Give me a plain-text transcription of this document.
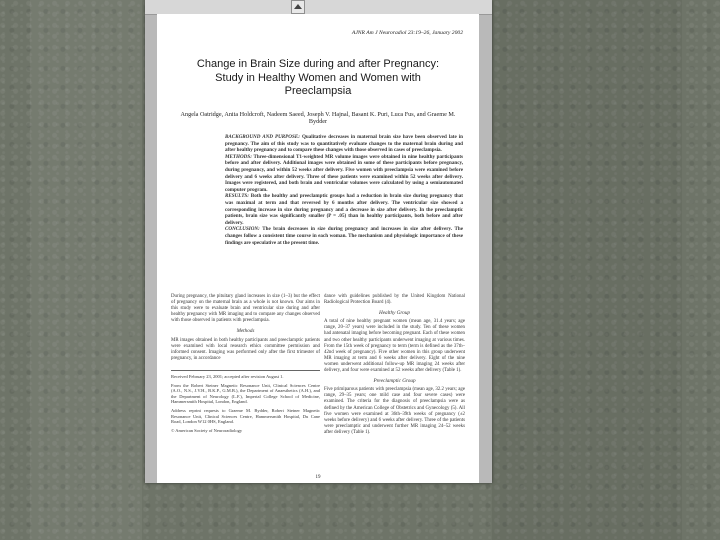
AJNR Am J Neuroradiol 23:19–26, January 2002
Change in Brain Size during and after Pregnancy: Study in Healthy Women and Women with Preeclampsia
Angela Oatridge, Anita Holdcroft, Nadeem Saeed, Joseph V. Hajnal, Basant K. Puri, Luca Fus, and Graeme M. Bydder

BACKGROUND AND PURPOSE: Qualitative decreases in maternal brain size have been observed late in pregnancy. The aim of this study was to quantitatively evaluate changes to the maternal brain during and after healthy pregnancy and to compare these changes with those observed in cases of preeclampsia.

METHODS: Three-dimensional T1-weighted MR volume images were obtained in nine healthy participants before and after delivery. Additional images were obtained in some of these participants before pregnancy, during pregnancy, and within 52 weeks after delivery. Five women with preeclampsia were examined before delivery and 6 weeks after delivery. Three of these patients were examined within 52 weeks after delivery. Images were registered, and both brain and ventricular volumes were calculated by using a semiautomated computer program.

RESULTS: Both the healthy and preeclamptic groups had a reduction in brain size during pregnancy that was maximal at term and that reversed by 6 months after delivery. The ventricular size showed a corresponding increase in size during pregnancy and a decrease in size after delivery. In the preeclamptic patients, brain size was significantly smaller (P = .05) than in healthy participants, both before and after delivery.

CONCLUSION: The brain decreases in size during pregnancy and increases in size after delivery. The changes follow a consistent time course in each woman. The mechanism and physiologic importance of these findings are speculative at the present time.

During pregnancy, the pituitary gland increases in size (1–3) but the effect of pregnancy on the maternal brain as a whole is not known. Our aims in this study were to evaluate brain and ventricular size during and after healthy pregnancy with MR imaging and to compare any changes observed with those observed in patients with preeclampsia.

Methods

MR images obtained in both healthy participants and preeclamptic patients were examined with local research ethics committee permission and informed consent. Imaging was performed only after the first trimester of pregnancy, in accordance

Received February 23, 2001; accepted after revision August 1.

From the Robert Steiner Magnetic Resonance Unit, Clinical Sciences Centre (A.O., N.S., J.V.H., B.K.P., G.M.B.), the Department of Anaesthetics (A.H.), and the Department of Neurology (L.F.), Imperial College School of Medicine, Hammersmith Hospital, London, England.

Address reprint requests to Graeme M. Bydder, Robert Steiner Magnetic Resonance Unit, Clinical Sciences Centre, Hammersmith Hospital, Du Cane Road, London W12 0HS, England.

© American Society of Neuroradiology

dance with guidelines published by the United Kingdom National Radiological Protection Board (4).

Healthy Group

A total of nine healthy pregnant women (mean age, 31.4 years; age range, 20–37 years) were included in the study. Ten of these women had antenatal imaging before becoming pregnant. Each of these women and two other healthy participants underwent imaging at various times. From the 15th week of pregnancy to term (term is defined as the 37th–42nd week of pregnancy). Five other women in this group underwent MR imaging at term and 6 weeks after delivery. Eight of the nine women underwent additional follow-up MR imaging 24 weeks after delivery, and four were examined at 52 weeks after delivery (Table 1).

Preeclamptic Group

Five primiparous patients with preeclampsia (mean age, 32.2 years; age range, 29–35 years; one mild case and four severe cases) were examined. The criteria for the diagnosis of preeclampsia were as defined by the American College of Obstetrics and Gynecology (5). All five women were examined at 36th–39th weeks of pregnancy (±2 weeks before delivery) and 6 weeks after delivery. Three of the patients were preeclamptic and underwent further MR imaging 24–52 weeks after delivery (Table 1).

19
